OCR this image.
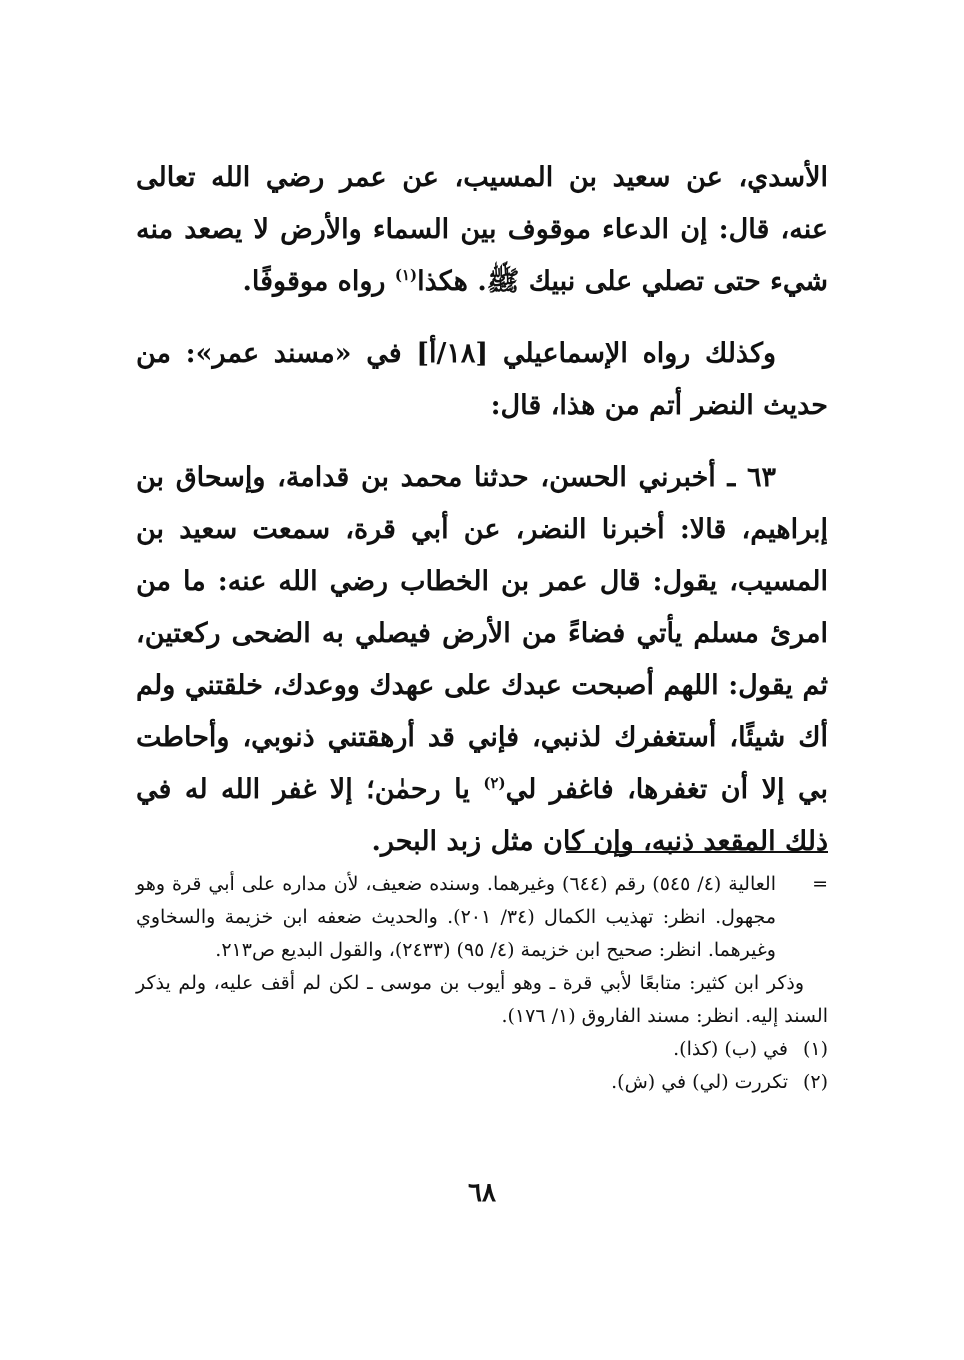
الأسدي، عن سعيد بن المسيب، عن عمر رضي الله تعالى عنه، قال: إن الدعاء موقوف بين السماء والأرض لا يصعد منه شيء حتى تصلي على نبيك ﷺ. هكذا$^{(١)}$ رواه موقوفًا.

وكذلك رواه الإسماعيلي [١٨/أ] في «مسند عمر»: من حديث النضر أتم من هذا، قال:

٦٣ ـ أخبرني الحسن، حدثنا محمد بن قدامة، وإسحاق بن إبراهيم، قالا: أخبرنا النضر، عن أبي قرة، سمعت سعيد بن المسيب، يقول: قال عمر بن الخطاب رضي الله عنه: ما من امرئ مسلم يأتي فضاءً من الأرض فيصلي به الضحى ركعتين، ثم يقول: اللهم أصبحت عبدك على عهدك ووعدك، خلقتني ولم أك شيئًا، أستغفرك لذنبي، فإني قد أرهقتني ذنوبي، وأحاطت بي إلا أن تغفرها، فاغفر لي$^{(٢)}$ يا رحمٰن؛ إلا غفر الله له في ذلك المقعد ذنبه، وإن كان مثل زبد البحر.

=
العالية (٤/ ٥٤٥) رقم (٦٤٤) وغيرهما. وسنده ضعيف، لأن مداره على أبي قرة وهو مجهول. انظر: تهذيب الكمال (٣٤/ ٢٠١). والحديث ضعفه ابن خزيمة والسخاوي وغيرهما. انظر: صحيح ابن خزيمة (٤/ ٩٥) (٢٤٣٣)، والقول البديع ص٢١٣.
وذكر ابن كثير: متابعًا لأبي قرة ـ وهو أيوب بن موسى ـ لكن لم أقف عليه، ولم يذكر السند إليه. انظر: مسند الفاروق (١/ ١٧٦).
(١)
في (ب) (كذا).
(٢)
تكررت (لي) في (ش).
٦٨
